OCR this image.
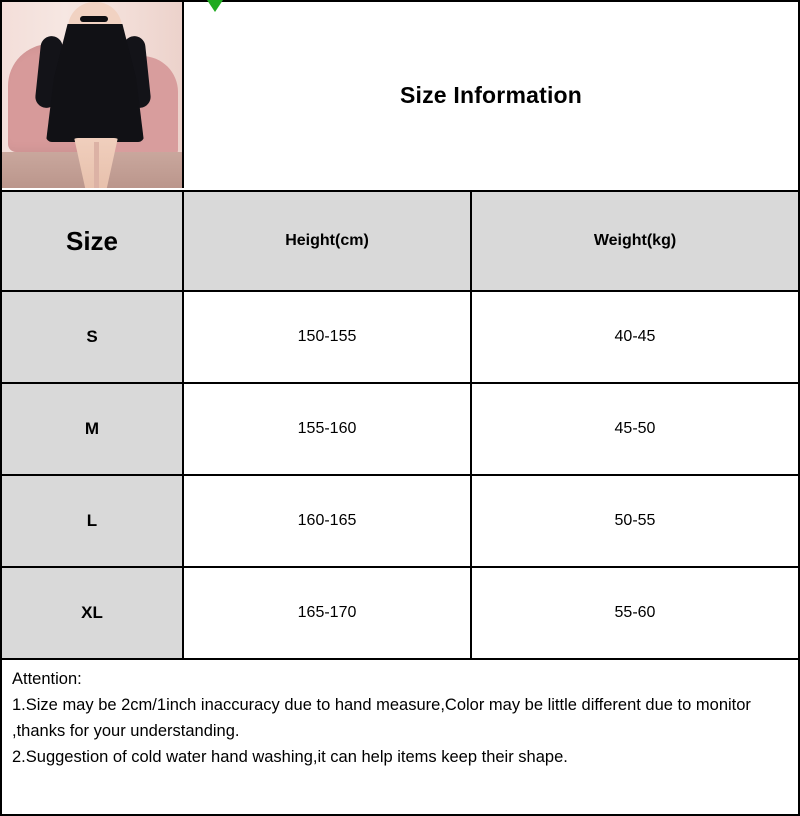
Size Information
Size	Height(cm)	Weight(kg)
S	150-155	40-45
M	155-160	45-50
L	160-165	50-55
XL	165-170	55-60
Attention:
1.Size may be 2cm/1inch inaccuracy due to hand measure,Color may be little different due to monitor ,thanks for your understanding.
2.Suggestion of cold water hand washing,it can help items keep their shape.
